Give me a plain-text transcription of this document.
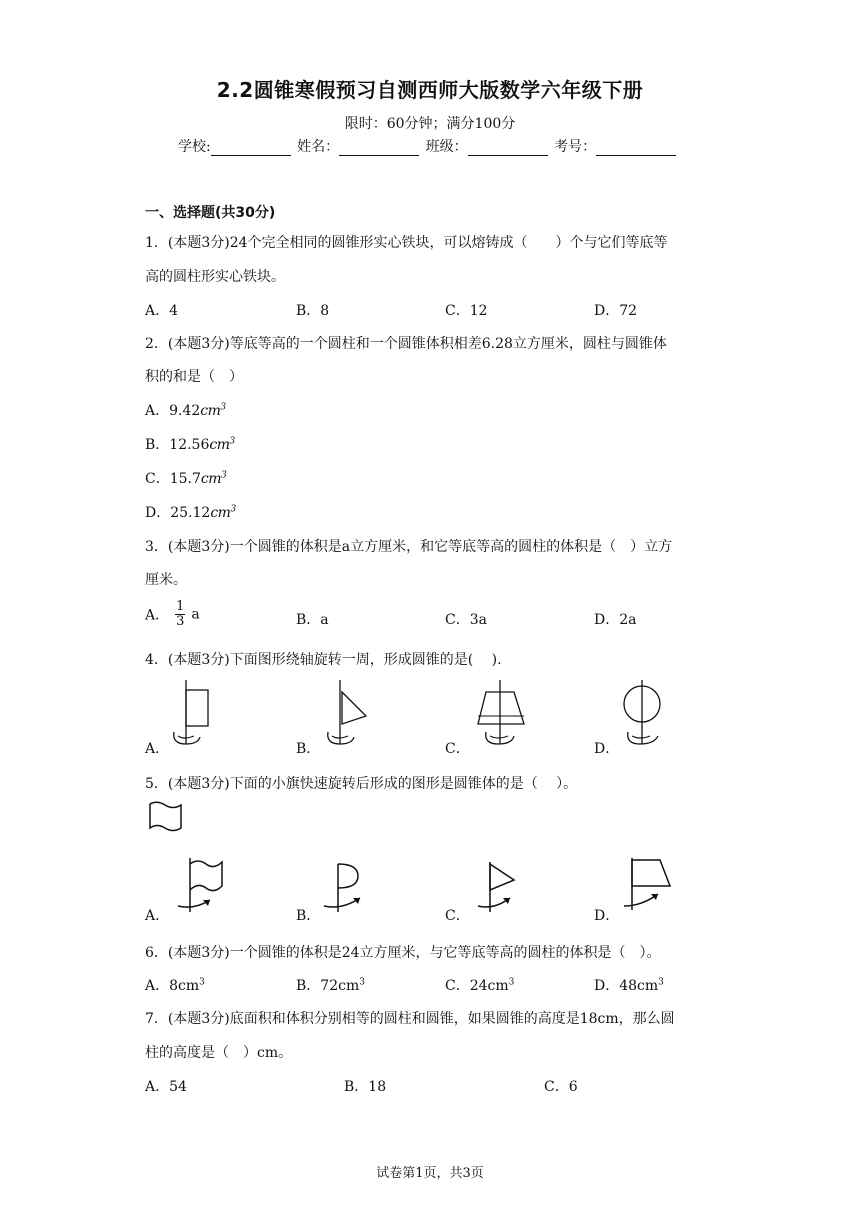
2.2圆锥寒假预习自测西师大版数学六年级下册
限时：60分钟；满分100分
学校:	姓名：	班级：	考号：
一、选择题(共30分)
1．(本题3分)24个完全相同的圆锥形实心铁块，可以熔铸成（　　）个与它们等底等
高的圆柱形实心铁块。
A．4	B．8	C．12	D．72
2．(本题3分)等底等高的一个圆柱和一个圆锥体积相差6.28立方厘米，圆柱与圆锥体
积的和是（　）
A．$9.42cm^3$
B．$12.56cm^3$
C．$15.7cm^3$
D．$25.12cm^3$
3．(本题3分)一个圆锥的体积是a立方厘米，和它等底等高的圆柱的体积是（　）立方
厘米。
A． $\frac{1}{3}$ a	B．a	C．3a	D．2a
4．(本题3分)下面图形绕轴旋转一周，形成圆锥的是(　 ).
A．	B．	C．	D．
5．(本题3分)下面的小旗快速旋转后形成的图形是圆锥体的是（　 ）。
A．	B．	C．	D．
6．(本题3分)一个圆锥的体积是24立方厘米，与它等底等高的圆柱的体积是（　）。
A．$8cm^3$	B．$72cm^3$	C．$24cm^3$	D．$48cm^3$
7．(本题3分)底面积和体积分别相等的圆柱和圆锥，如果圆锥的高度是18cm，那么圆
柱的高度是（　）cm。
A．54	B．18	C．6
试卷第1页，共3页
